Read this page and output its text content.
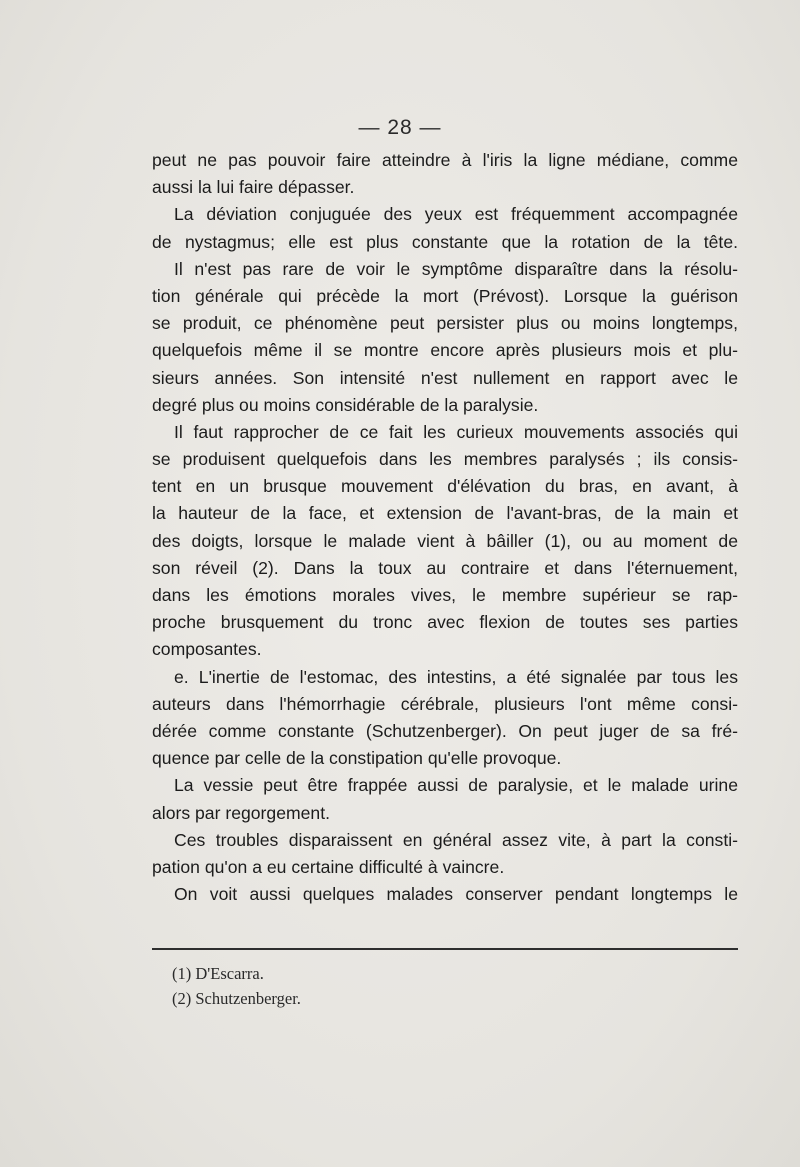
— 28 —
peut ne pas pouvoir faire atteindre à l'iris la ligne médiane, comme
aussi la lui faire dépasser.
La déviation conjuguée des yeux est fréquemment accompagnée
de nystagmus; elle est plus constante que la rotation de la tête.
Il n'est pas rare de voir le symptôme disparaître dans la résolu-
tion générale qui précède la mort (Prévost). Lorsque la guérison
se produit, ce phénomène peut persister plus ou moins longtemps,
quelquefois même il se montre encore après plusieurs mois et plu-
sieurs années. Son intensité n'est nullement en rapport avec le
degré plus ou moins considérable de la paralysie.
Il faut rapprocher de ce fait les curieux mouvements associés qui
se produisent quelquefois dans les membres paralysés ; ils consis-
tent en un brusque mouvement d'élévation du bras, en avant, à
la hauteur de la face, et extension de l'avant-bras, de la main et
des doigts, lorsque le malade vient à bâiller (1), ou au moment de
son réveil (2). Dans la toux au contraire et dans l'éternuement,
dans les émotions morales vives, le membre supérieur se rap-
proche brusquement du tronc avec flexion de toutes ses parties
composantes.
e. L'inertie de l'estomac, des intestins, a été signalée par tous les
auteurs dans l'hémorrhagie cérébrale, plusieurs l'ont même consi-
dérée comme constante (Schutzenberger). On peut juger de sa fré-
quence par celle de la constipation qu'elle provoque.
La vessie peut être frappée aussi de paralysie, et le malade urine
alors par regorgement.
Ces troubles disparaissent en général assez vite, à part la consti-
pation qu'on a eu certaine difficulté à vaincre.
On voit aussi quelques malades conserver pendant longtemps le
(1) D'Escarra.
(2) Schutzenberger.
